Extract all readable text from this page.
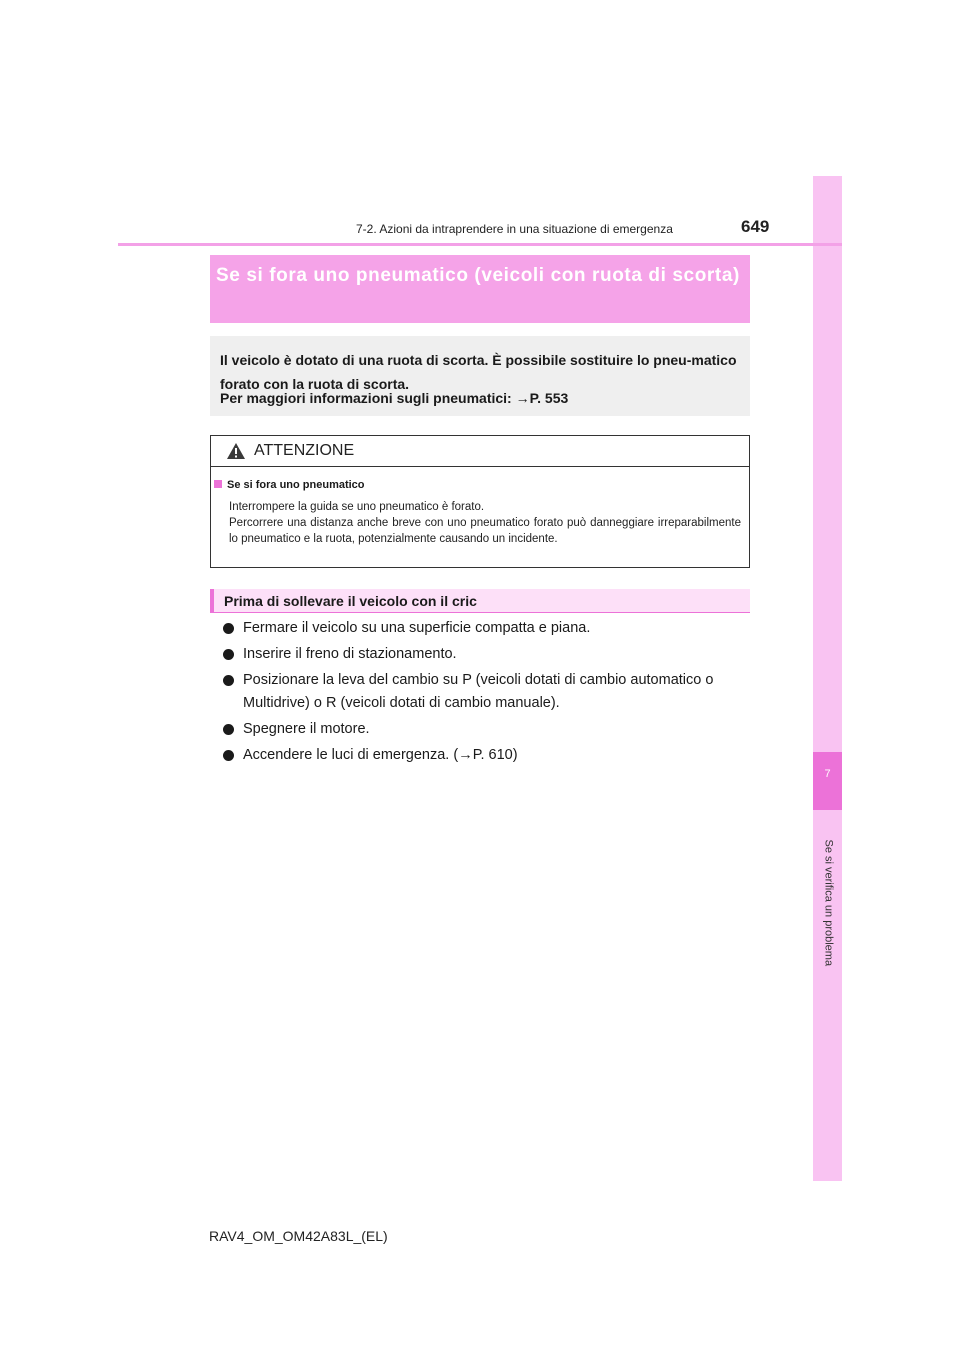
7
Se si verifica un problema
7-2. Azioni da intraprendere in una situazione di emergenza	649
Se si fora uno pneumatico (veicoli con ruota di scorta)
Il veicolo è dotato di una ruota di scorta. È possibile sostituire lo pneu-matico forato con la ruota di scorta.
Per maggiori informazioni sugli pneumatici: →P. 553
ATTENZIONE
Se si fora uno pneumatico

Interrompere la guida se uno pneumatico è forato.

Percorrere una distanza anche breve con uno pneumatico forato può danneggiare irreparabilmente lo pneumatico e la ruota, potenzialmente causando un incidente.

Prima di sollevare il veicolo con il cric
Fermare il veicolo su una superficie compatta e piana.
Inserire il freno di stazionamento.
Posizionare la leva del cambio su P (veicoli dotati di cambio automatico o Multidrive) o R (veicoli dotati di cambio manuale).
Spegnere il motore.
Accendere le luci di emergenza. (→P. 610)
RAV4_OM_OM42A83L_(EL)
